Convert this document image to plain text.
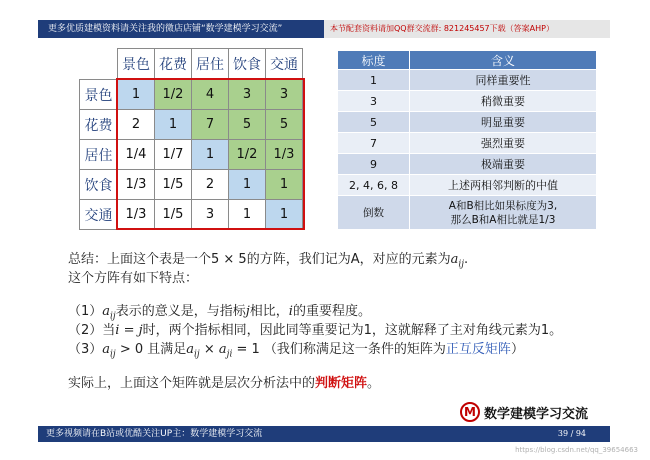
更多优质建模资料请关注我的微店店铺“数学建模学习交流”	本节配套资料请加QQ群交流群: 821245457下载（答案AHP）
	景色	花费	居住	饮食	交通
景色	1	1/2	4	3	3
花费	2	1	7	5	5
居住	1/4	1/7	1	1/2	1/3
饮食	1/3	1/5	2	1	1
交通	1/3	1/5	3	1	1
标度	含义
1	同样重要性
3	稍微重要
5	明显重要
7	强烈重要
9	极端重要
2, 4, 6, 8	上述两相邻判断的中值
倒数	A和B相比如果标度为3,
那么B和A相比就是1/3
总结：上面这个表是一个5 × 5的方阵，我们记为A，对应的元素为$a_{ij}$.
这个方阵有如下特点：
$(1)a_{ij}$表示的意义是，与指标j相比，i的重要程度。
（2）当i = j时，两个指标相同，因此同等重要记为1，这就解释了主对角线元素为1。
$(3)a_{ij} > 0$ 且满足$a_{ij} \times a_{ji} = 1$ （我们称满足这一条件的矩阵为正互反矩阵）
实际上，上面这个矩阵就是层次分析法中的判断矩阵。
M 数学建模学习交流
更多视频请在B站或优酷关注UP主：数学建模学习交流	39 / 94
https://blog.csdn.net/qq_39654663
